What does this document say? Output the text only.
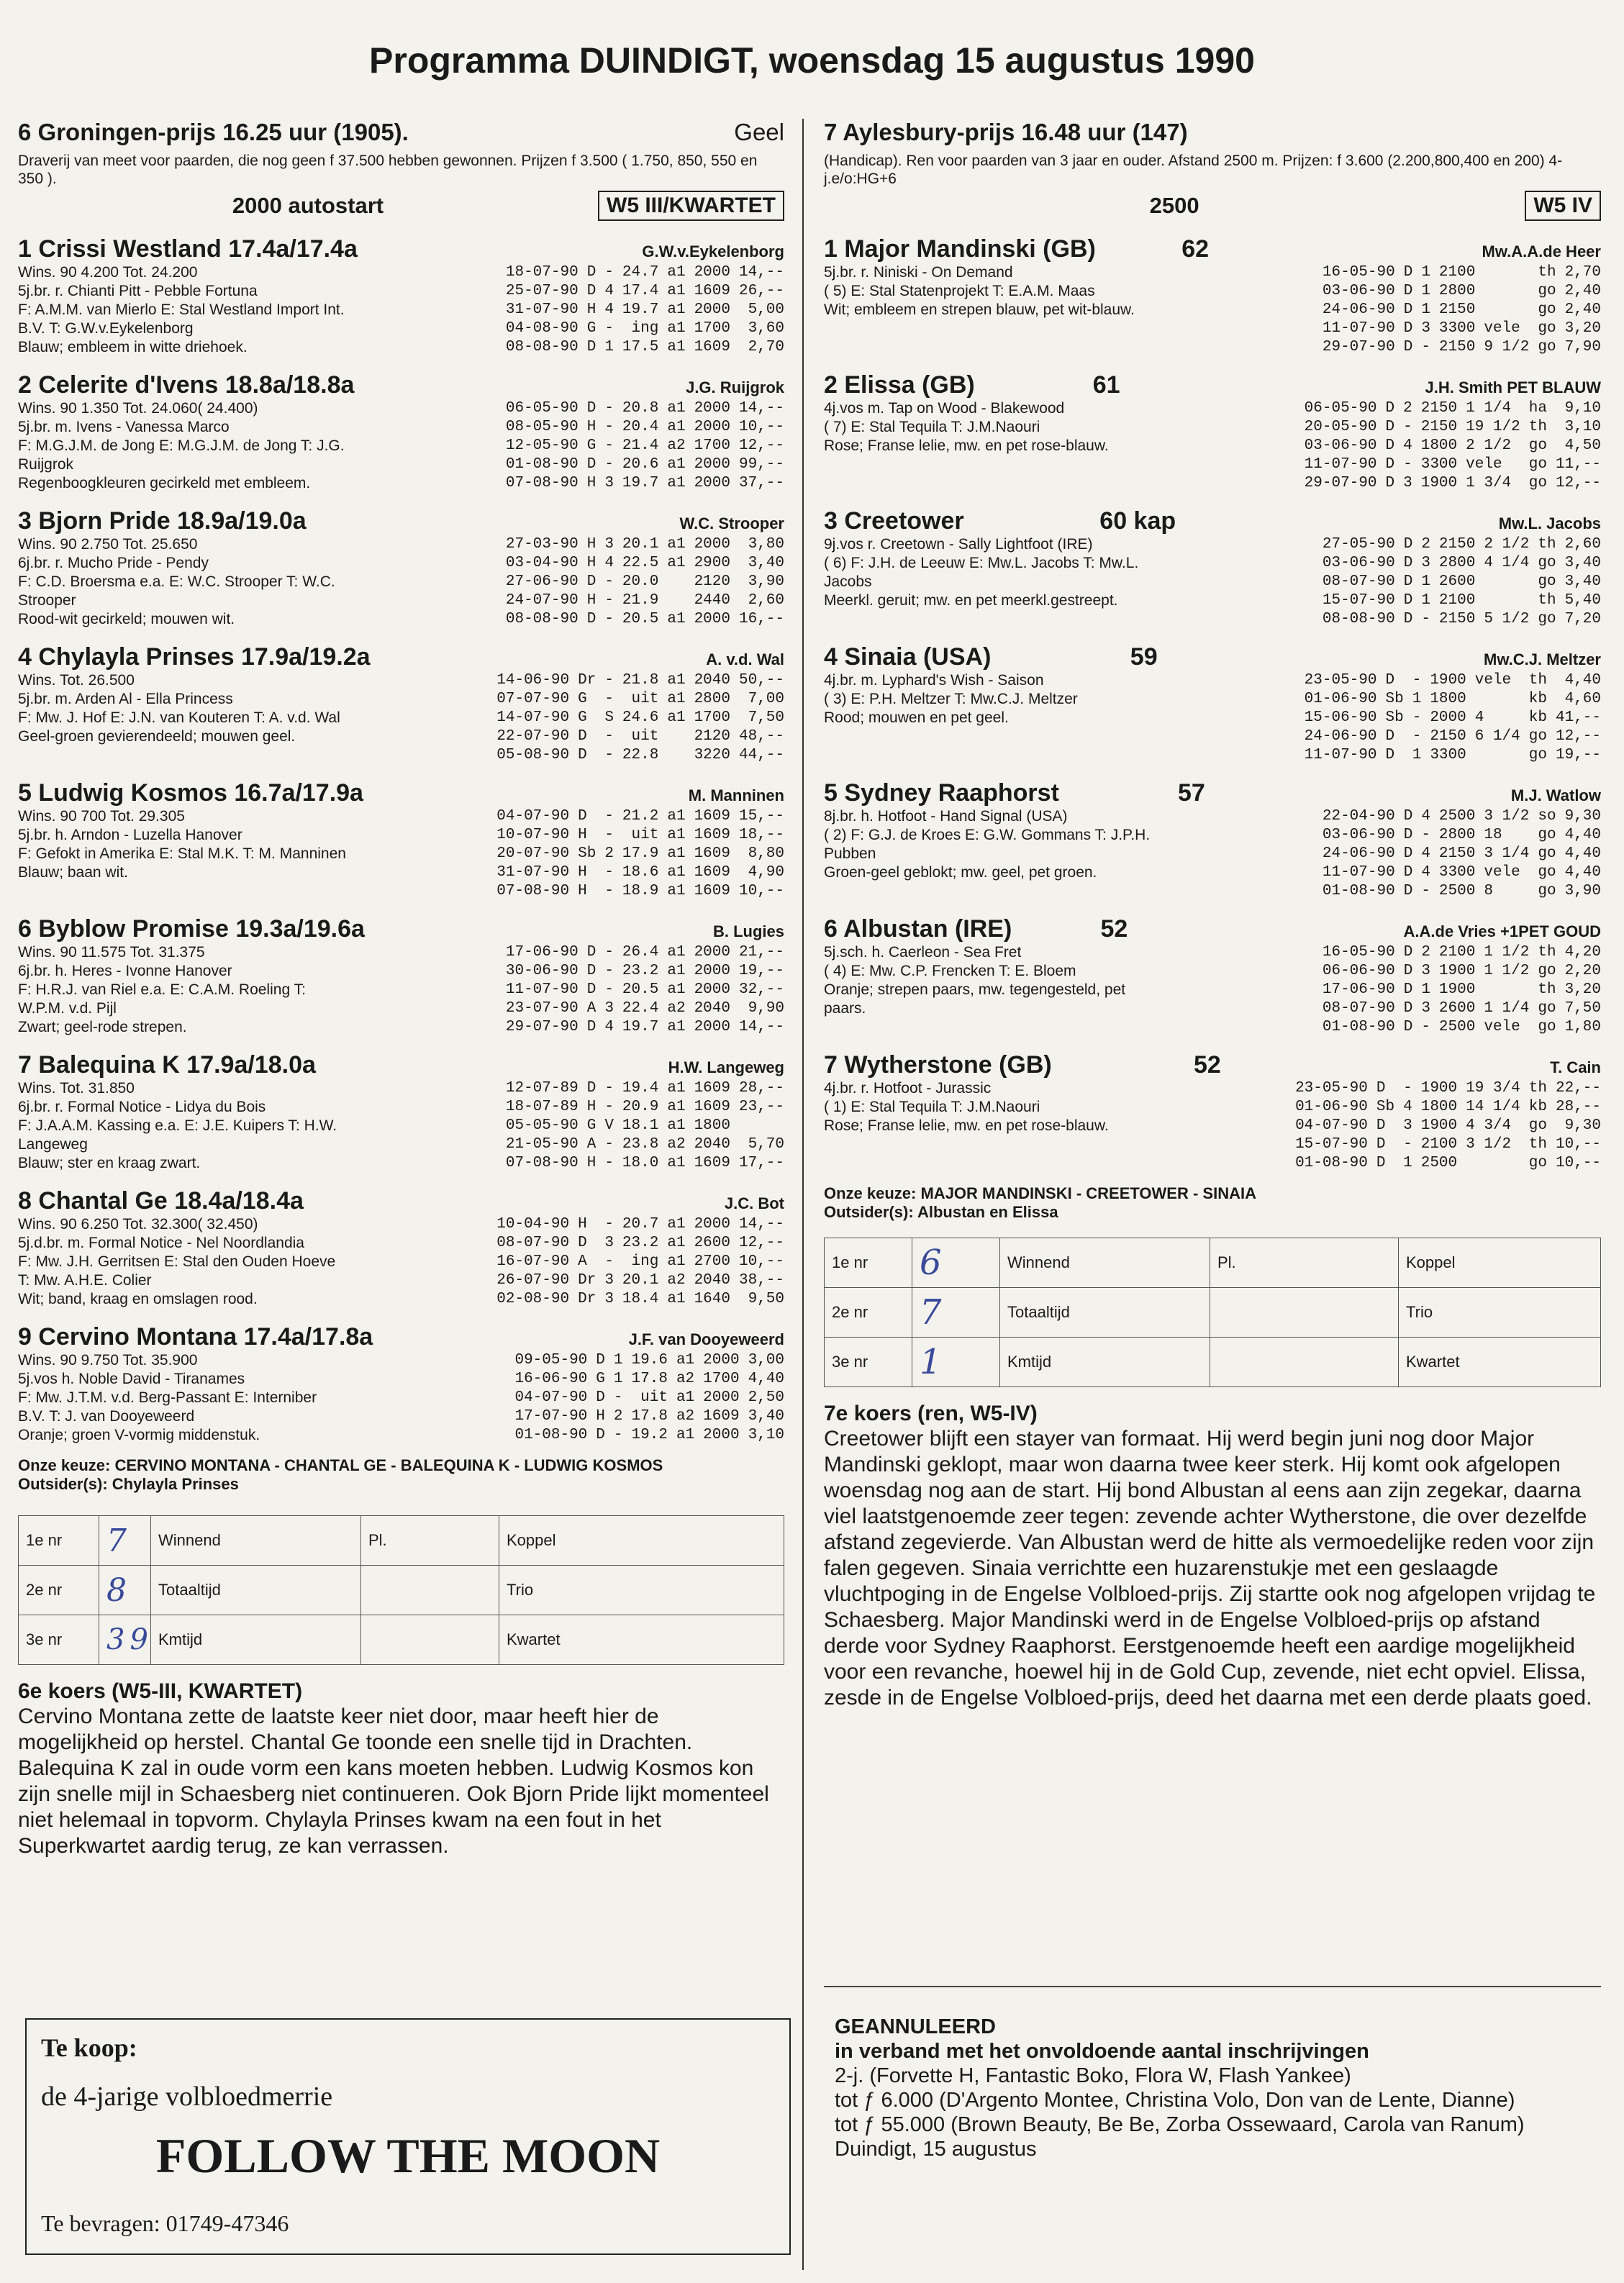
Programma DUINDIGT, woensdag 15 augustus 1990
6 Groningen-prijs 16.25 uur (1905).	Geel
Draverij van meet voor paarden, die nog geen f 37.500 hebben gewonnen. Prijzen f 3.500 ( 1.750, 850, 550 en 350 ).
2000 autostart	W5 III/KWARTET
1 Crissi Westland 17.4a/17.4a	G.W.v.Eykelenborg
Wins. 90 4.200 Tot. 24.200
5j.br. r. Chianti Pitt - Pebble Fortuna
F: A.M.M. van Mierlo E: Stal Westland Import Int.
B.V. T: G.W.v.Eykelenborg
Blauw; embleem in witte driehoek.
18-07-90	D	-	24.7	a1	2000	14,--
25-07-90	D	4	17.4	a1	1609	26,--
31-07-90	H	4	19.7	a1	2000	5,00
04-08-90	G	-	ing	a1	1700	3,60
08-08-90	D	1	17.5	a1	1609	2,70
2 Celerite d'Ivens 18.8a/18.8a	J.G. Ruijgrok
Wins. 90 1.350 Tot. 24.060( 24.400)
5j.br. m. Ivens - Vanessa Marco
F: M.G.J.M. de Jong E: M.G.J.M. de Jong T: J.G.
Ruijgrok
Regenboogkleuren gecirkeld met embleem.
06-05-90	D	-	20.8	a1	2000	14,--
08-05-90	H	-	20.4	a1	2000	10,--
12-05-90	G	-	21.4	a2	1700	12,--
01-08-90	D	-	20.6	a1	2000	99,--
07-08-90	H	3	19.7	a1	2000	37,--
3 Bjorn Pride 18.9a/19.0a	W.C. Strooper
Wins. 90 2.750 Tot. 25.650
6j.br. r. Mucho Pride - Pendy
F: C.D. Broersma e.a. E: W.C. Strooper T: W.C.
Strooper
Rood-wit gecirkeld; mouwen wit.
27-03-90	H	3	20.1	a1	2000	3,80
03-04-90	H	4	22.5	a1	2900	3,40
27-06-90	D	-	20.0		2120	3,90
24-07-90	H	-	21.9		2440	2,60
08-08-90	D	-	20.5	a1	2000	16,--
4 Chylayla Prinses 17.9a/19.2a	A. v.d. Wal
Wins. Tot. 26.500
5j.br. m. Arden Al - Ella Princess
F: Mw. J. Hof E: J.N. van Kouteren T: A. v.d. Wal
Geel-groen gevierendeeld; mouwen geel.
14-06-90	Dr	-	21.8	a1	2040	50,--
07-07-90	G	-	uit	a1	2800	7,00
14-07-90	G	S	24.6	a1	1700	7,50
22-07-90	D	-	uit		2120	48,--
05-08-90	D	-	22.8		3220	44,--
5 Ludwig Kosmos 16.7a/17.9a	M. Manninen
Wins. 90 700 Tot. 29.305
5j.br. h. Arndon - Luzella Hanover
F: Gefokt in Amerika E: Stal M.K. T: M. Manninen
Blauw; baan wit.
04-07-90	D	-	21.2	a1	1609	15,--
10-07-90	H	-	uit	a1	1609	18,--
20-07-90	Sb	2	17.9	a1	1609	8,80
31-07-90	H	-	18.6	a1	1609	4,90
07-08-90	H	-	18.9	a1	1609	10,--
6 Byblow Promise 19.3a/19.6a	B. Lugies
Wins. 90 11.575 Tot. 31.375
6j.br. h. Heres - Ivonne Hanover
F: H.R.J. van Riel e.a. E: C.A.M. Roeling T:
W.P.M. v.d. Pijl
Zwart; geel-rode strepen.
17-06-90	D	-	26.4	a1	2000	21,--
30-06-90	D	-	23.2	a1	2000	19,--
11-07-90	D	-	20.5	a1	2000	32,--
23-07-90	A	3	22.4	a2	2040	9,90
29-07-90	D	4	19.7	a1	2000	14,--
7 Balequina K 17.9a/18.0a	H.W. Langeweg
Wins. Tot. 31.850
6j.br. r. Formal Notice - Lidya du Bois
F: J.A.A.M. Kassing e.a. E: J.E. Kuipers T: H.W.
Langeweg
Blauw; ster en kraag zwart.
12-07-89	D	-	19.4	a1	1609	28,--
18-07-89	H	-	20.9	a1	1609	23,--
05-05-90	G	V	18.1	a1	1800	
21-05-90	A	-	23.8	a2	2040	5,70
07-08-90	H	-	18.0	a1	1609	17,--
8 Chantal Ge 18.4a/18.4a	J.C. Bot
Wins. 90 6.250 Tot. 32.300( 32.450)
5j.d.br. m. Formal Notice - Nel Noordlandia
F: Mw. J.H. Gerritsen E: Stal den Ouden Hoeve
T: Mw. A.H.E. Colier
Wit; band, kraag en omslagen rood.
10-04-90	H	-	20.7	a1	2000	14,--
08-07-90	D	3	23.2	a1	2600	12,--
16-07-90	A	-	ing	a1	2700	10,--
26-07-90	Dr	3	20.1	a2	2040	38,--
02-08-90	Dr	3	18.4	a1	1640	9,50
9 Cervino Montana 17.4a/17.8a	J.F. van Dooyeweerd
Wins. 90 9.750 Tot. 35.900
5j.vos h. Noble David - Tiranames
F: Mw. J.T.M. v.d. Berg-Passant E: Interniber
B.V. T: J. van Dooyeweerd
Oranje; groen V-vormig middenstuk.
09-05-90	D	1	19.6	a1	2000	3,00
16-06-90	G	1	17.8	a2	1700	4,40
04-07-90	D	-	uit	a1	2000	2,50
17-07-90	H	2	17.8	a2	1609	3,40
01-08-90	D	-	19.2	a1	2000	3,10
Onze keuze: CERVINO MONTANA - CHANTAL GE - BALEQUINA K - LUDWIG KOSMOS
Outsider(s): Chylayla Prinses
1e nr	7	Winnend	Pl.	Koppel
2e nr	8	Totaaltijd		Trio
3e nr	3 9	Kmtijd		Kwartet
6e koers (W5-III, KWARTET)
Cervino Montana zette de laatste keer niet door, maar heeft hier de mogelijkheid op herstel. Chantal Ge toonde een snelle tijd in Drachten. Balequina K zal in oude vorm een kans moeten hebben. Ludwig Kosmos kon zijn snelle mijl in Schaesberg niet continueren. Ook Bjorn Pride lijkt momenteel niet helemaal in topvorm. Chylayla Prinses kwam na een fout in het Superkwartet aardig terug, ze kan verrassen.
7 Aylesbury-prijs 16.48 uur (147)
(Handicap). Ren voor paarden van 3 jaar en ouder. Afstand 2500 m. Prijzen: f 3.600 (2.200,800,400 en 200) 4-j.e/o:HG+6
2500	W5 IV
1 Major Mandinski (GB)	62	Mw.A.A.de Heer
5j.br. r. Niniski - On Demand
( 5) E: Stal Statenprojekt T: E.A.M. Maas
Wit; embleem en strepen blauw, pet wit-blauw.
16-05-90	D	1	2100		th	2,70
03-06-90	D	1	2800		go	2,40
24-06-90	D	1	2150		go	2,40
11-07-90	D	3	3300	vele	go	3,20
29-07-90	D	-	2150	9 1/2	go	7,90
2 Elissa (GB)	61	J.H. Smith PET BLAUW
4j.vos m. Tap on Wood - Blakewood
( 7) E: Stal Tequila T: J.M.Naouri
Rose; Franse lelie, mw. en pet rose-blauw.
06-05-90	D	2	2150	1 1/4	ha	9,10
20-05-90	D	-	2150	19 1/2	th	3,10
03-06-90	D	4	1800	2 1/2	go	4,50
11-07-90	D	-	3300	vele	go	11,--
29-07-90	D	3	1900	1 3/4	go	12,--
3 Creetower	60 kap	Mw.L. Jacobs
9j.vos r. Creetown - Sally Lightfoot (IRE)
( 6) F: J.H. de Leeuw E: Mw.L. Jacobs T: Mw.L.
Jacobs
Meerkl. geruit; mw. en pet meerkl.gestreept.
27-05-90	D	2	2150	2 1/2	th	2,60
03-06-90	D	3	2800	4 1/4	go	3,40
08-07-90	D	1	2600		go	3,40
15-07-90	D	1	2100		th	5,40
08-08-90	D	-	2150	5 1/2	go	7,20
4 Sinaia (USA)	59	Mw.C.J. Meltzer
4j.br. m. Lyphard's Wish - Saison
( 3) E: P.H. Meltzer T: Mw.C.J. Meltzer
Rood; mouwen en pet geel.
23-05-90	D	-	1900	vele	th	4,40
01-06-90	Sb	1	1800		kb	4,60
15-06-90	Sb	-	2000	4	kb	41,--
24-06-90	D	-	2150	6 1/4	go	12,--
11-07-90	D	1	3300		go	19,--
5 Sydney Raaphorst	57	M.J. Watlow
8j.br. h. Hotfoot - Hand Signal (USA)
( 2) F: G.J. de Kroes E: G.W. Gommans T: J.P.H.
Pubben
Groen-geel geblokt; mw. geel, pet groen.
22-04-90	D	4	2500	3 1/2	so	9,30
03-06-90	D	-	2800	18	go	4,40
24-06-90	D	4	2150	3 1/4	go	4,40
11-07-90	D	4	3300	vele	go	4,40
01-08-90	D	-	2500	8	go	3,90
6 Albustan (IRE)	52	A.A.de Vries +1PET GOUD
5j.sch. h. Caerleon - Sea Fret
( 4) E: Mw. C.P. Frencken T: E. Bloem
Oranje; strepen paars, mw. tegengesteld, pet
paars.
16-05-90	D	2	2100	1 1/2	th	4,20
06-06-90	D	3	1900	1 1/2	go	2,20
17-06-90	D	1	1900		th	3,20
08-07-90	D	3	2600	1 1/4	go	7,50
01-08-90	D	-	2500	vele	go	1,80
7 Wytherstone (GB)	52	T. Cain
4j.br. r. Hotfoot - Jurassic
( 1) E: Stal Tequila T: J.M.Naouri
Rose; Franse lelie, mw. en pet rose-blauw.
23-05-90	D	-	1900	19 3/4	th	22,--
01-06-90	Sb	4	1800	14 1/4	kb	28,--
04-07-90	D	3	1900	4 3/4	go	9,30
15-07-90	D	-	2100	3 1/2	th	10,--
01-08-90	D	1	2500		go	10,--
Onze keuze: MAJOR MANDINSKI - CREETOWER - SINAIA
Outsider(s): Albustan en Elissa
1e nr	6	Winnend	Pl.	Koppel
2e nr	7	Totaaltijd		Trio
3e nr	1	Kmtijd		Kwartet
7e koers (ren, W5-IV)
Creetower blijft een stayer van formaat. Hij werd begin juni nog door Major Mandinski geklopt, maar won daarna twee keer sterk. Hij komt ook afgelopen woensdag nog aan de start. Hij bond Albustan al eens aan zijn zegekar, daarna viel laatstgenoemde zeer tegen: zevende achter Wytherstone, die over dezelfde afstand zegevierde. Van Albustan werd de hitte als vermoedelijke reden voor zijn falen gegeven. Sinaia verrichtte een huzarenstukje met een geslaagde vluchtpoging in de Engelse Volbloed-prijs. Zij startte ook nog afgelopen vrijdag te Schaesberg. Major Mandinski werd in de Engelse Volbloed-prijs op afstand derde voor Sydney Raaphorst. Eerstgenoemde heeft een aardige mogelijkheid voor een revanche, hoewel hij in de Gold Cup, zevende, niet echt opviel. Elissa, zesde in de Engelse Volbloed-prijs, deed het daarna met een derde plaats goed.
Te koop:
de 4-jarige volbloedmerrie
FOLLOW THE MOON
Te bevragen: 01749-47346
GEANNULEERD
in verband met het onvoldoende aantal inschrijvingen
2-j. (Forvette H, Fantastic Boko, Flora W, Flash Yankee)
tot ƒ 6.000 (D'Argento Montee, Christina Volo, Don van de Lente, Dianne)
tot ƒ 55.000 (Brown Beauty, Be Be, Zorba Ossewaard, Carola van Ranum)
Duindigt, 15 augustus
